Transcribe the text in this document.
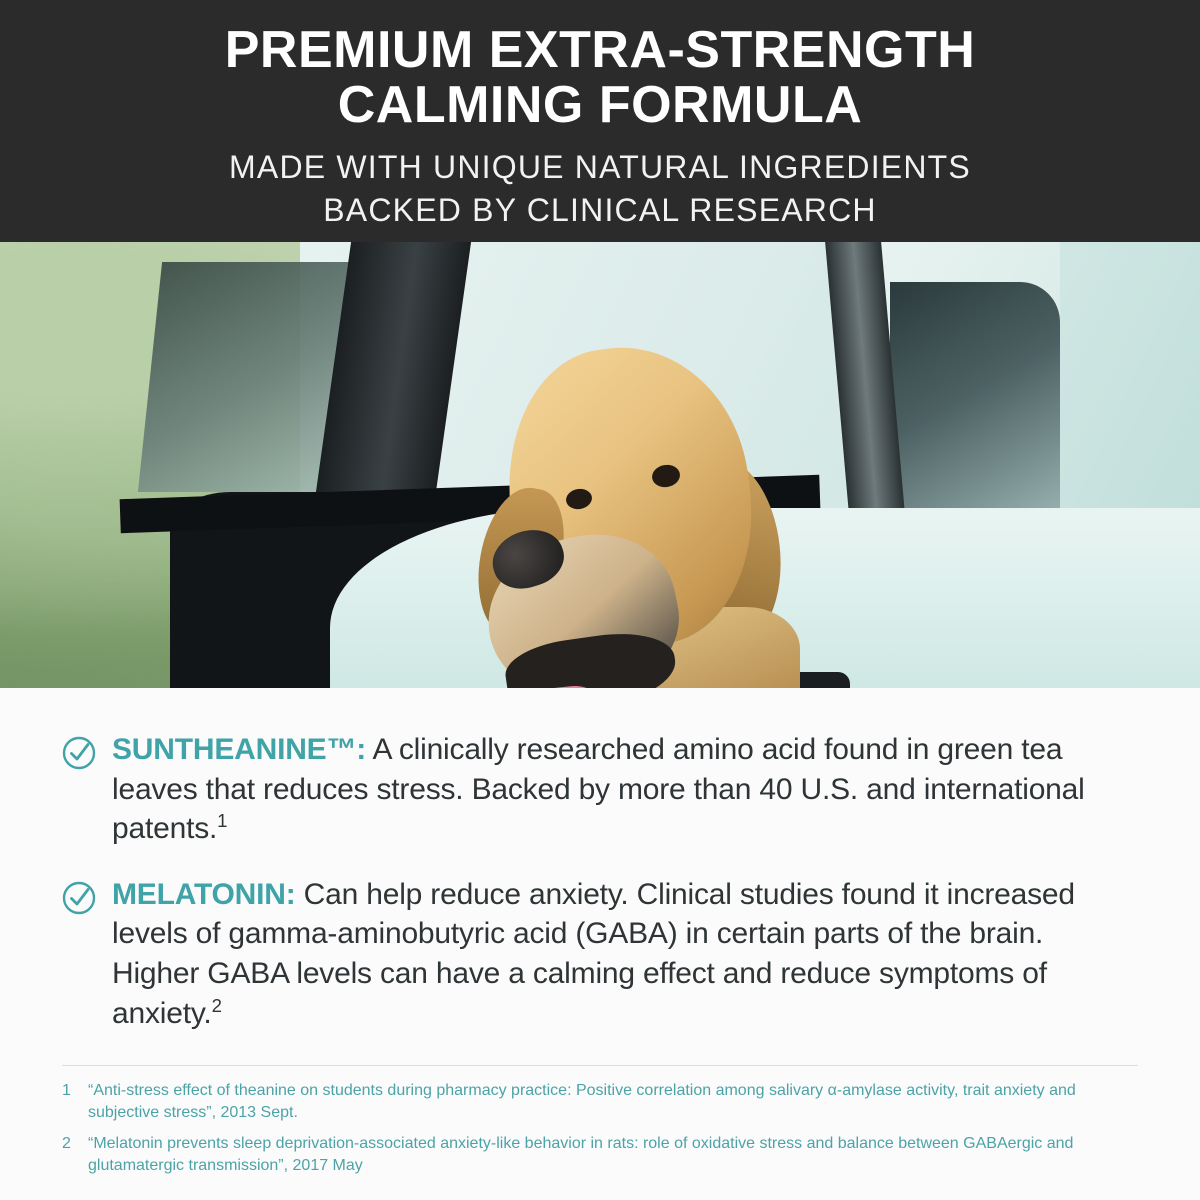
PREMIUM EXTRA-STRENGTH
CALMING FORMULA
MADE WITH UNIQUE NATURAL INGREDIENTS
BACKED BY CLINICAL RESEARCH
SUNTHEANINE™: A clinically researched amino acid found in green tea leaves that reduces stress. Backed by more than 40 U.S. and international patents.$^1$
MELATONIN: Can help reduce anxiety. Clinical studies found it increased levels of gamma-aminobutyric acid (GABA) in certain parts of the brain. Higher GABA levels can have a calming effect and reduce symptoms of anxiety.$^2$
1	“Anti-stress effect of theanine on students during pharmacy practice: Positive correlation among salivary α-amylase activity, trait anxiety and subjective stress”, 2013 Sept.
2	“Melatonin prevents sleep deprivation-associated anxiety-like behavior in rats: role of oxidative stress and balance between GABAergic and glutamatergic transmission”, 2017 May
